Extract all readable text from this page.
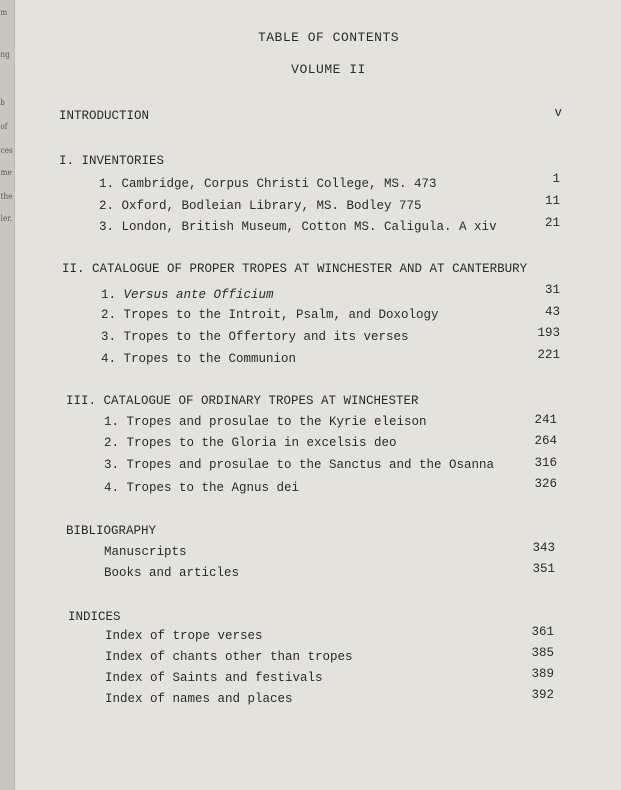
m
ng
b
of
ces
me
the
ler.
TABLE OF CONTENTS
VOLUME II
INTRODUCTION	v
I. INVENTORIES
1. Cambridge, Corpus Christi College, MS. 473	1
2. Oxford, Bodleian Library, MS. Bodley 775	11
3. London, British Museum, Cotton MS. Caligula. A xiv	21
II. CATALOGUE OF PROPER TROPES AT WINCHESTER AND AT CANTERBURY
1. Versus ante Officium	31
2. Tropes to the Introit, Psalm, and Doxology	43
3. Tropes to the Offertory and its verses	193
4. Tropes to the Communion	221
III. CATALOGUE OF ORDINARY TROPES AT WINCHESTER
1. Tropes and prosulae to the Kyrie eleison	241
2. Tropes to the Gloria in excelsis deo	264
3. Tropes and prosulae to the Sanctus and the Osanna	316
4. Tropes to the Agnus dei	326
BIBLIOGRAPHY
Manuscripts	343
Books and articles	351
INDICES
Index of trope verses	361
Index of chants other than tropes	385
Index of Saints and festivals	389
Index of names and places	392
